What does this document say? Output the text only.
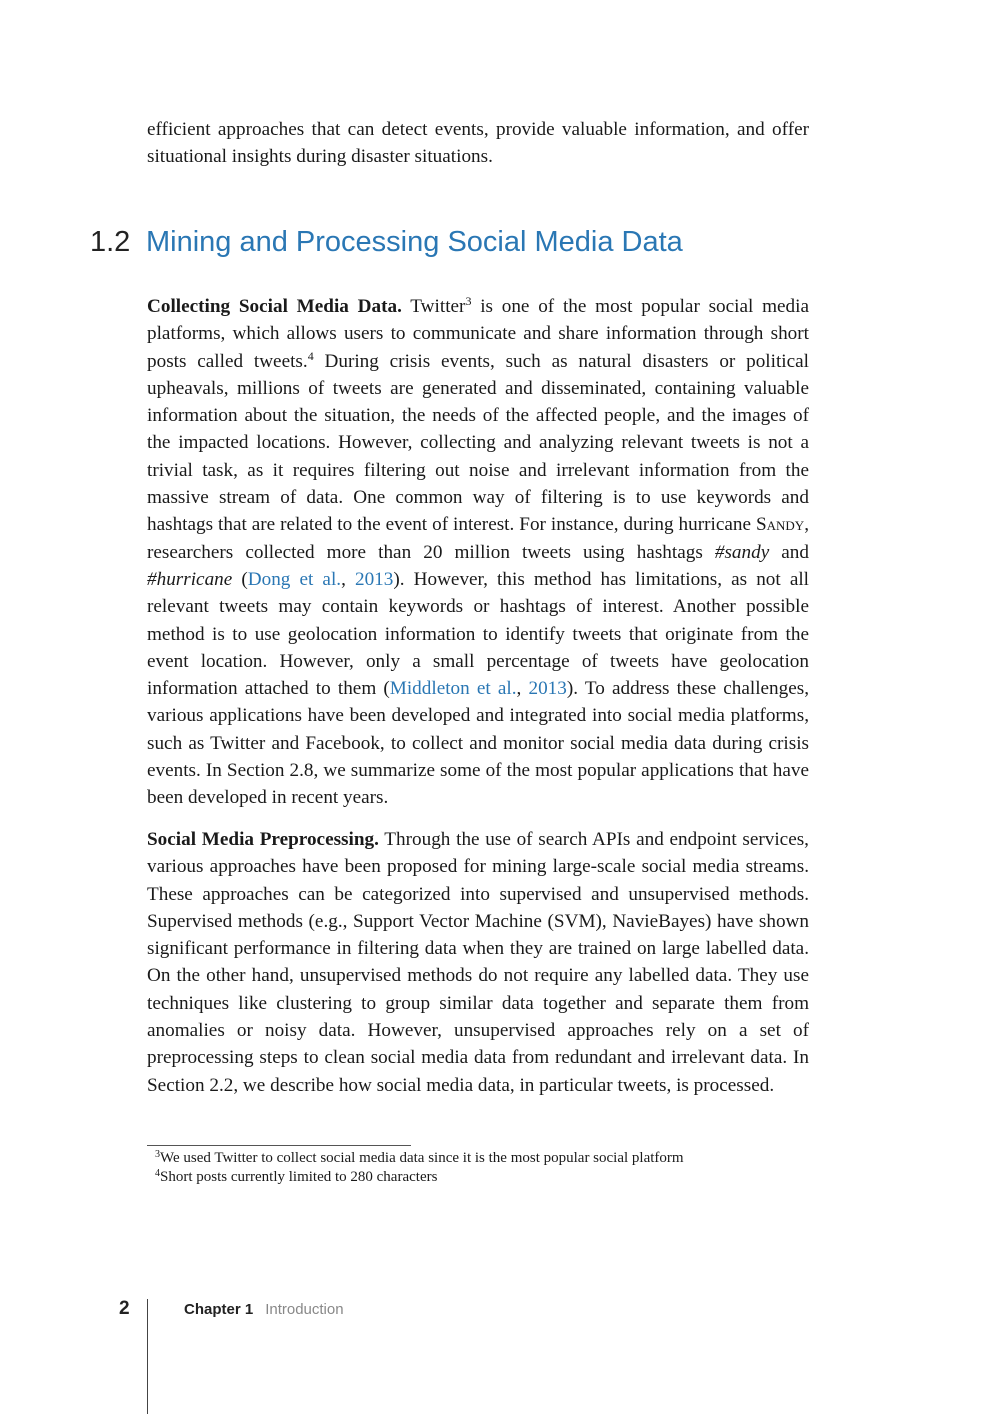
efficient approaches that can detect events, provide valuable information, and offer situational insights during disaster situations.

1.2 Mining and Processing Social Media Data

Collecting Social Media Data. Twitter$^3$ is one of the most popular social media platforms, which allows users to communicate and share information through short posts called tweets.$^4$ During crisis events, such as natural disasters or political upheavals, millions of tweets are generated and disseminated, containing valuable information about the situation, the needs of the affected people, and the images of the impacted locations. However, collecting and analyzing relevant tweets is not a trivial task, as it requires filtering out noise and irrelevant information from the massive stream of data. One common way of filtering is to use keywords and hashtags that are related to the event of interest. For instance, during hurricane Sandy, researchers collected more than 20 million tweets using hashtags #sandy and #hurricane (Dong et al., 2013). However, this method has limitations, as not all relevant tweets may contain keywords or hashtags of interest. Another possible method is to use geolocation information to identify tweets that originate from the event location. However, only a small percentage of tweets have geolocation information attached to them (Middleton et al., 2013). To address these challenges, various applications have been developed and integrated into social media platforms, such as Twitter and Facebook, to collect and monitor social media data during crisis events. In Section 2.8, we summarize some of the most popular applications that have been developed in recent years.

Social Media Preprocessing. Through the use of search APIs and endpoint services, various approaches have been proposed for mining large-scale social media streams. These approaches can be categorized into supervised and unsupervised methods. Supervised methods (e.g., Support Vector Machine (SVM), NavieBayes) have shown significant performance in filtering data when they are trained on large labelled data. On the other hand, unsupervised methods do not require any labelled data. They use techniques like clustering to group similar data together and separate them from anomalies or noisy data. However, unsupervised approaches rely on a set of preprocessing steps to clean social media data from redundant and irrelevant data. In Section 2.2, we describe how social media data, in particular tweets, is processed.

$^3$We used Twitter to collect social media data since it is the most popular social platform
$^4$Short posts currently limited to 280 characters
2	Chapter 1 Introduction
